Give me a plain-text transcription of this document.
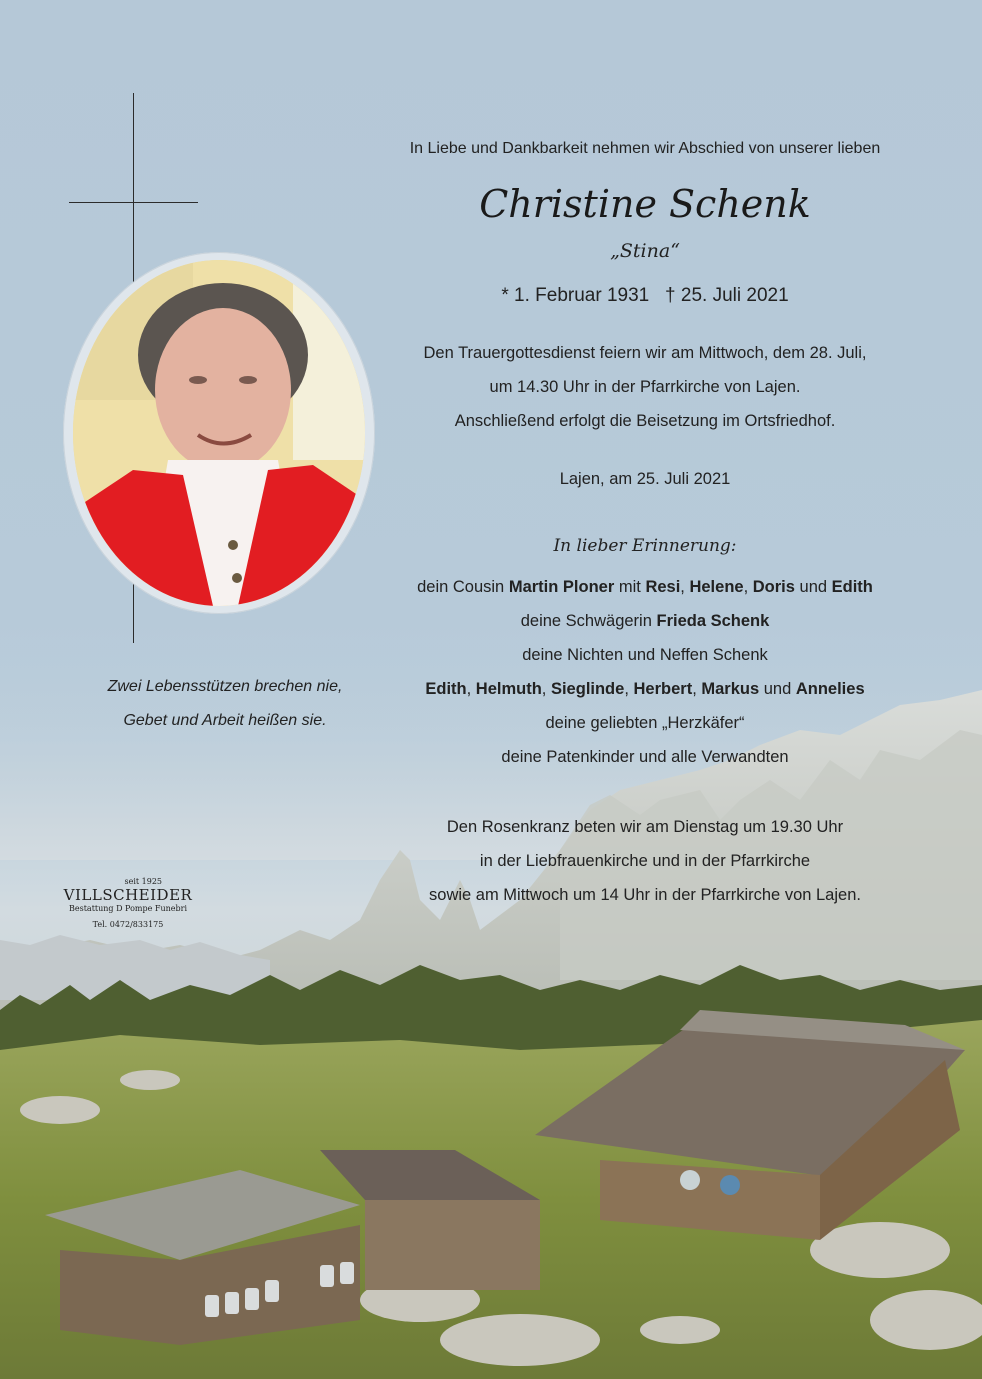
In Liebe und Dankbarkeit nehmen wir Abschied von unserer lieben
Christine Schenk
„Stina“
* 1. Februar 1931   † 25. Juli 2021
Den Trauergottesdienst feiern wir am Mittwoch, dem 28. Juli,
um 14.30 Uhr in der Pfarrkirche von Lajen.
Anschließend erfolgt die Beisetzung im Ortsfriedhof.
Lajen, am 25. Juli 2021
In lieber Erinnerung:
dein Cousin Martin Ploner mit Resi, Helene, Doris und Edith
deine Schwägerin Frieda Schenk
deine Nichten und Neffen Schenk
Edith, Helmuth, Sieglinde, Herbert, Markus und Annelies
deine geliebten „Herzkäfer“
deine Patenkinder und alle Verwandten
Den Rosenkranz beten wir am Dienstag um 19.30 Uhr
in der Liebfrauenkirche und in der Pfarrkirche
sowie am Mittwoch um 14 Uhr in der Pfarrkirche von Lajen.
Zwei Lebensstützen brechen nie,
Gebet und Arbeit heißen sie.
seit 1925
VILLSCHEIDER
Bestattung D Pompe Funebri
Tel. 0472/833175
